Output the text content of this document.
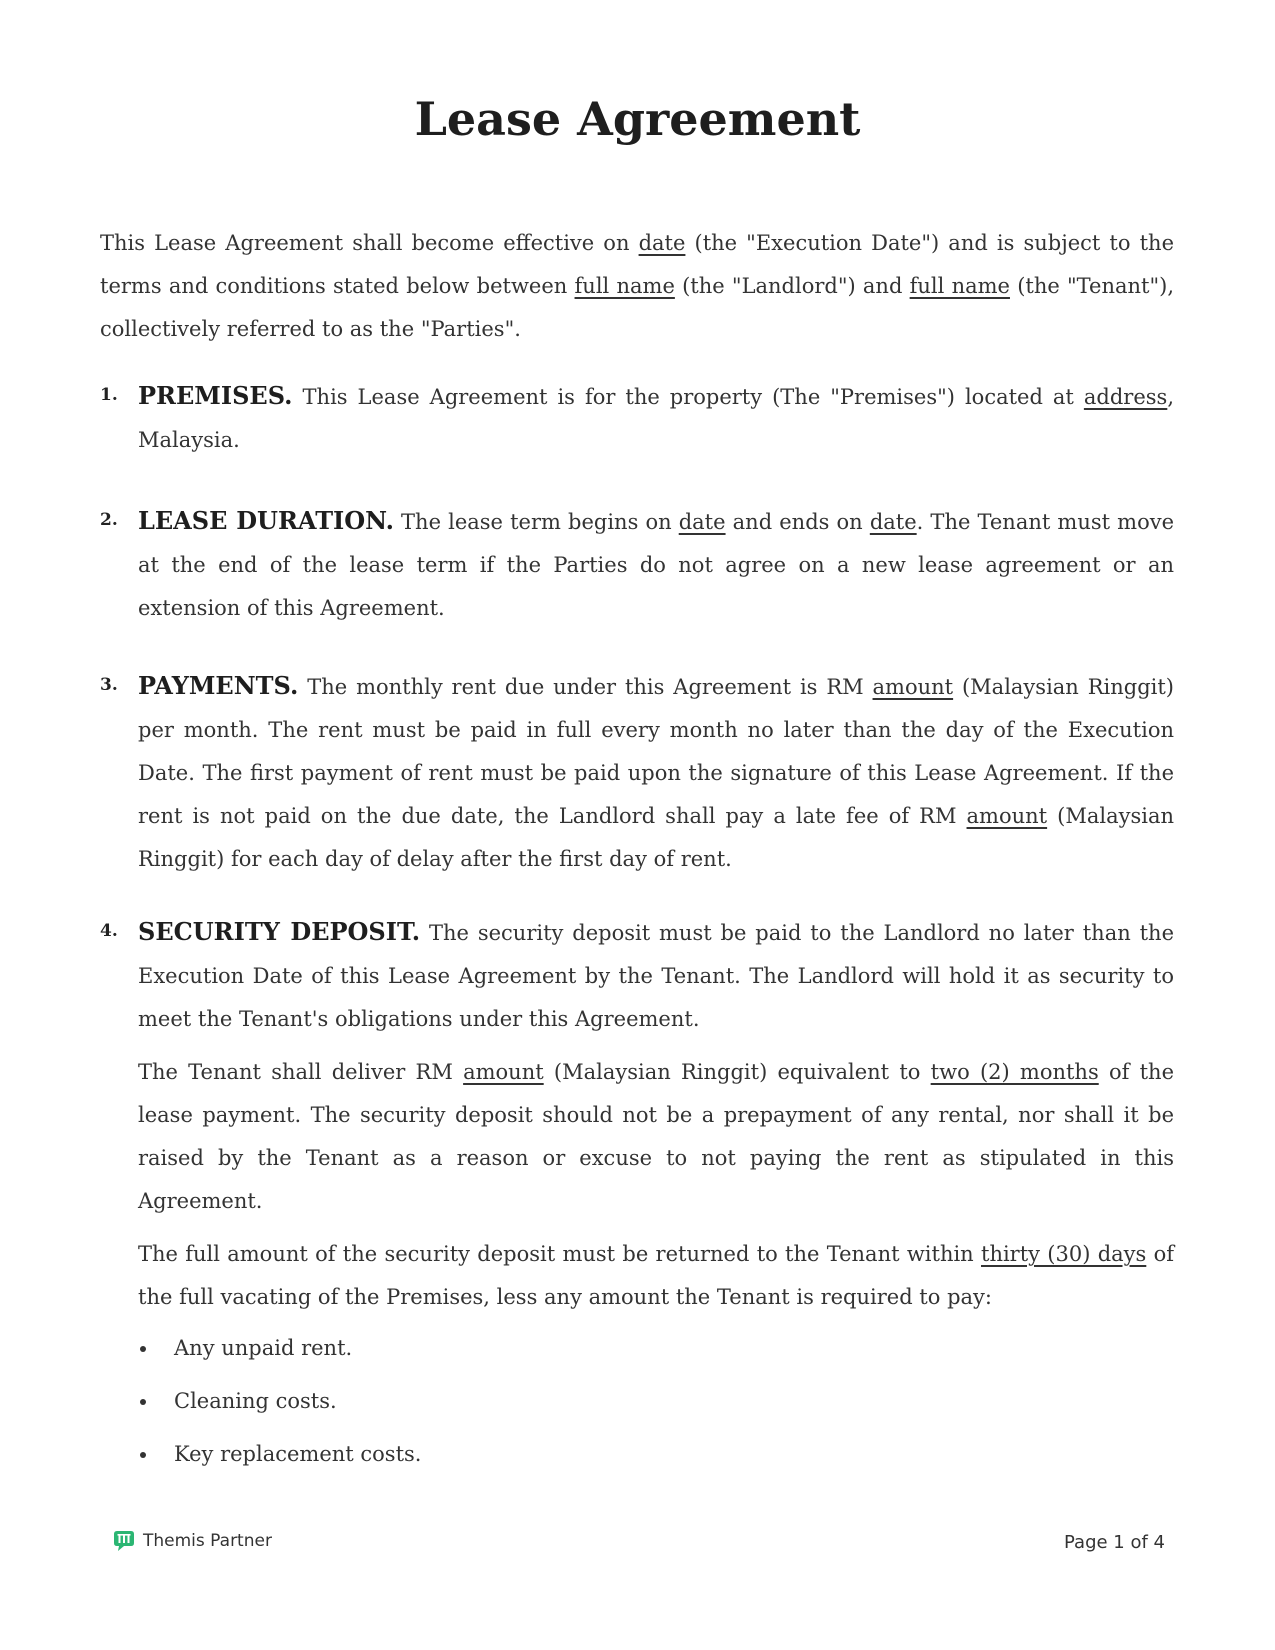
Lease Agreement

This Lease Agreement shall become effective on date (the "Execution Date") and is subject to the terms and conditions stated below between full name (the "Landlord") and full name (the "Tenant"), collectively referred to as the "Parties".

1. PREMISES. This Lease Agreement is for the property (The "Premises") located at address, Malaysia.
2. LEASE DURATION. The lease term begins on date and ends on date. The Tenant must move at the end of the lease term if the Parties do not agree on a new lease agreement or an extension of this Agreement.
3. PAYMENTS. The monthly rent due under this Agreement is RM amount (Malaysian Ringgit) per month. The rent must be paid in full every month no later than the day of the Execution Date. The first payment of rent must be paid upon the signature of this Lease Agreement. If the rent is not paid on the due date, the Landlord shall pay a late fee of RM amount (Malaysian Ringgit) for each day of delay after the first day of rent.
4. SECURITY DEPOSIT. The security deposit must be paid to the Landlord no later than the Execution Date of this Lease Agreement by the Tenant. The Landlord will hold it as security to meet the Tenant's obligations under this Agreement.

The Tenant shall deliver RM amount (Malaysian Ringgit) equivalent to two (2) months of the lease payment. The security deposit should not be a prepayment of any rental, nor shall it be raised by the Tenant as a reason or excuse to not paying the rent as stipulated in this Agreement.

The full amount of the security deposit must be returned to the Tenant within thirty (30) days of the full vacating of the Premises, less any amount the Tenant is required to pay:

Any unpaid rent.
Cleaning costs.
Key replacement costs.
Themis Partner	Page 1 of 4
